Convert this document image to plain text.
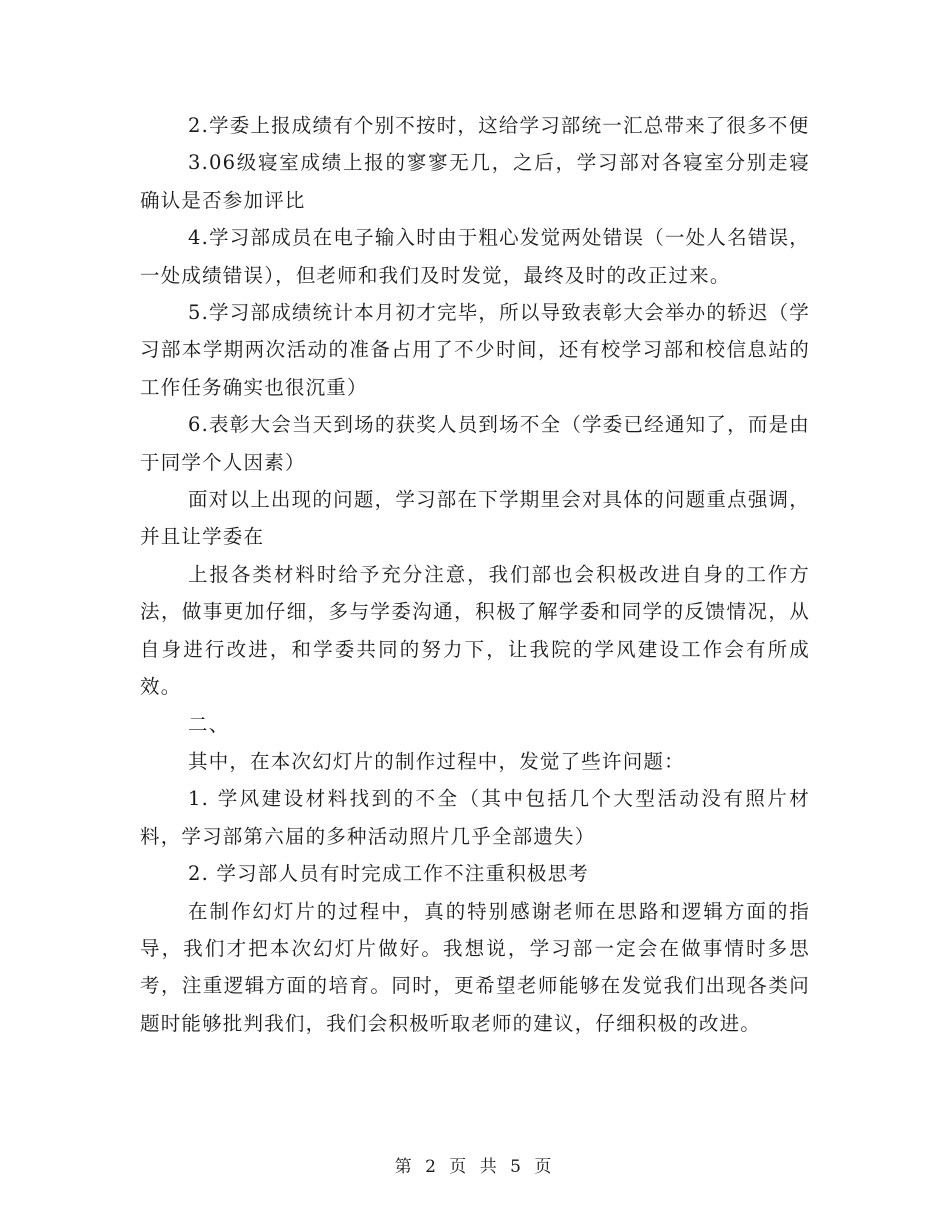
2.学委上报成绩有个别不按时，这给学习部统一汇总带来了很多不便

3.06级寝室成绩上报的寥寥无几，之后，学习部对各寝室分别走寝确认是否参加评比

4.学习部成员在电子输入时由于粗心发觉两处错误（一处人名错误，一处成绩错误），但老师和我们及时发觉，最终及时的改正过来。

5.学习部成绩统计本月初才完毕，所以导致表彰大会举办的轿迟（学习部本学期两次活动的准备占用了不少时间，还有校学习部和校信息站的工作任务确实也很沉重）

6.表彰大会当天到场的获奖人员到场不全（学委已经通知了，而是由于同学个人因素）

面对以上出现的问题，学习部在下学期里会对具体的问题重点强调，并且让学委在

上报各类材料时给予充分注意，我们部也会积极改进自身的工作方法，做事更加仔细，多与学委沟通，积极了解学委和同学的反馈情况，从自身进行改进，和学委共同的努力下，让我院的学风建设工作会有所成效。

二、

其中，在本次幻灯片的制作过程中，发觉了些许问题：

1. 学风建设材料找到的不全（其中包括几个大型活动没有照片材料，学习部第六届的多种活动照片几乎全部遗失）

2. 学习部人员有时完成工作不注重积极思考

在制作幻灯片的过程中，真的特别感谢老师在思路和逻辑方面的指导，我们才把本次幻灯片做好。我想说，学习部一定会在做事情时多思考，注重逻辑方面的培育。同时，更希望老师能够在发觉我们出现各类问题时能够批判我们，我们会积极听取老师的建议，仔细积极的改进。

第 2 页 共 5 页
